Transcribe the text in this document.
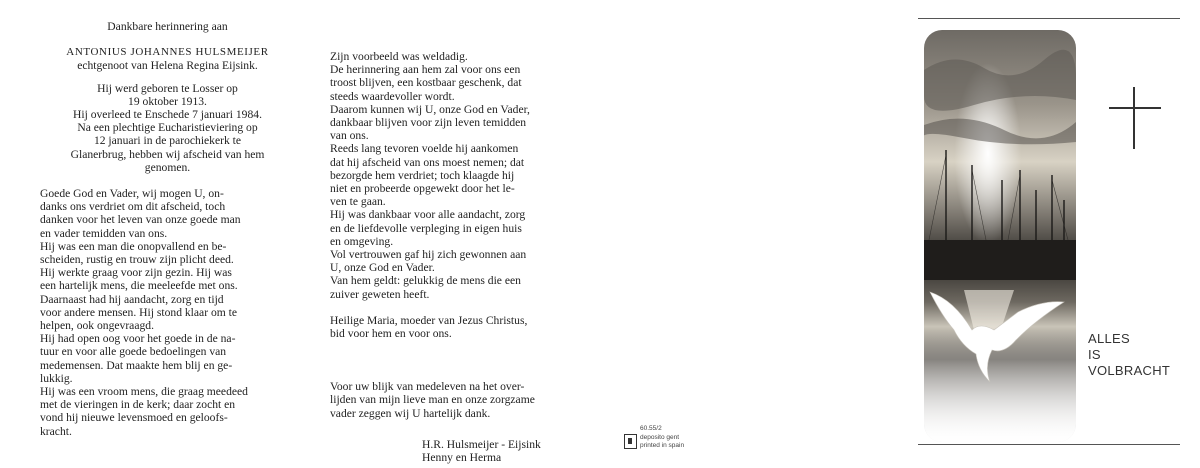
Dankbare herinnering aan
ANTONIUS JOHANNES HULSMEIJER
echtgenoot van Helena Regina Eijsink.
Hij werd geboren te Losser op
19 oktober 1913.
Hij overleed te Enschede 7 januari 1984.
Na een plechtige Eucharistieviering op
12 januari in de parochiekerk te
Glanerbrug, hebben wij afscheid van hem
genomen.
Goede God en Vader, wij mogen U, on-
danks ons verdriet om dit afscheid, toch
danken voor het leven van onze goede man
en vader temidden van ons.
Hij was een man die onopvallend en be-
scheiden, rustig en trouw zijn plicht deed.
Hij werkte graag voor zijn gezin. Hij was
een hartelijk mens, die meeleefde met ons.
Daarnaast had hij aandacht, zorg en tijd
voor andere mensen. Hij stond klaar om te
helpen, ook ongevraagd.
Hij had open oog voor het goede in de na-
tuur en voor alle goede bedoelingen van
medemensen. Dat maakte hem blij en ge-
lukkig.
Hij was een vroom mens, die graag meedeed
met de vieringen in de kerk; daar zocht en
vond hij nieuwe levensmoed en geloofs-
kracht.
Zijn voorbeeld was weldadig.
De herinnering aan hem zal voor ons een
troost blijven, een kostbaar geschenk, dat
steeds waardevoller wordt.
Daarom kunnen wij U, onze God en Vader,
dankbaar blijven voor zijn leven temidden
van ons.
Reeds lang tevoren voelde hij aankomen
dat hij afscheid van ons moest nemen; dat
bezorgde hem verdriet; toch klaagde hij
niet en probeerde opgewekt door het le-
ven te gaan.
Hij was dankbaar voor alle aandacht, zorg
en de liefdevolle verpleging in eigen huis
en omgeving.
Vol vertrouwen gaf hij zich gewonnen aan
U, onze God en Vader.
Van hem geldt: gelukkig de mens die een
zuiver geweten heeft.
Heilige Maria, moeder van Jezus Christus,
bid voor hem en voor ons.
Voor uw blijk van medeleven na het over-
lijden van mijn lieve man en onze zorgzame
vader zeggen wij U hartelijk dank.
H.R. Hulsmeijer - Eijsink
Henny en Herma
60.55/2
deposito gent
printed in spain
ALLES
IS
VOLBRACHT
